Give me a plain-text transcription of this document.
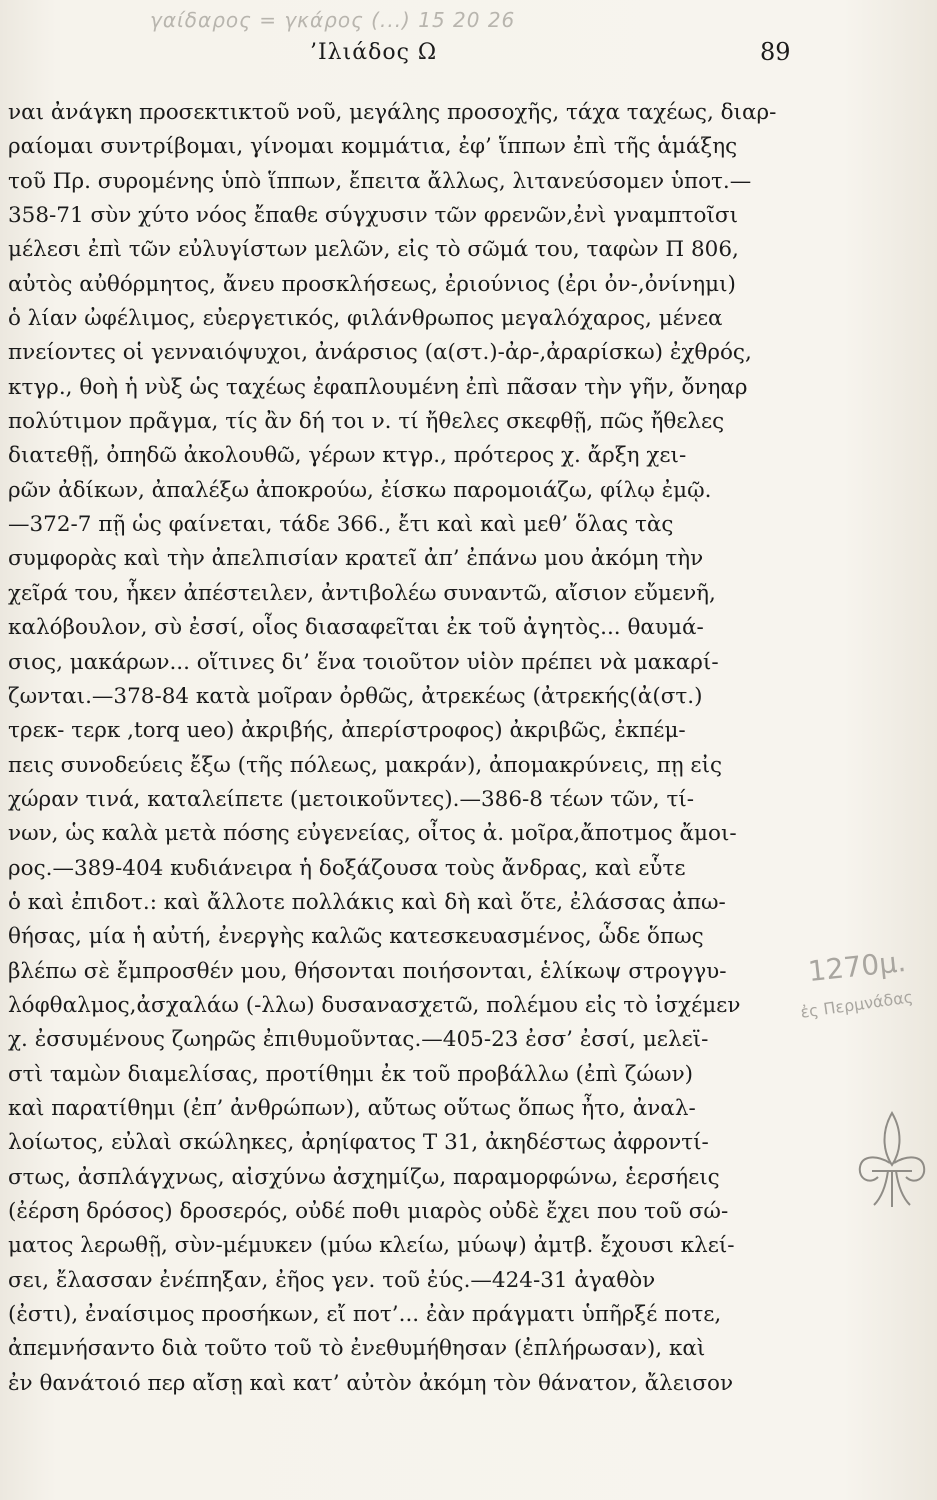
γαίδαρος = γκάρος (...) 15 20 26
’Ιλιάδος Ω	89
ναι ἀνάγκη προσεκτικτοῦ νοῦ, μεγάλης προσοχῆς, τάχα ταχέως, διαρ-
ραίομαι συντρίβομαι, γίνομαι κομμάτια, ἐφ’ ἵππων ἐπὶ τῆς ἁμάξης
τοῦ Πρ. συρομένης ὑπὸ ἵππων, ἔπειτα ἄλλως, λιτανεύσομεν ὑποτ.—
358-71 σὺν χύτο νόος ἔπαθε σύγχυσιν τῶν φρενῶν,ἐνὶ γναμπτοῖσι
μέλεσι ἐπὶ τῶν εὐλυγίστων μελῶν, εἰς τὸ σῶμά του, ταφὼν Π 806,
αὐτὸς αὐθόρμητος, ἄνευ προσκλήσεως, ἐριούνιος (ἐρι ὀν-,ὀνίνημι)
ὁ λίαν ὠφέλιμος, εὐεργετικός, φιλάνθρωπος μεγαλόχαρος, μένεα
πνείοντες οἱ γενναιόψυχοι, ἀνάρσιος (α(στ.)-ἀρ-,ἀραρίσκω) ἐχθρός,
κτγρ., θοὴ ἡ νὺξ ὡς ταχέως ἐφαπλουμένη ἐπὶ πᾶσαν τὴν γῆν, ὄνηαρ
πολύτιμον πρᾶγμα, τίς ἂν δή τοι ν. τί ἤθελες σκεφθῇ, πῶς ἤθελες
διατεθῇ, ὀπηδῶ ἀκολουθῶ, γέρων κτγρ., πρότερος χ. ἄρξη χει-
ρῶν ἀδίκων, ἀπαλέξω ἀποκρούω, ἐίσκω παρομοιάζω, φίλῳ ἐμῷ.
—372-7 πῇ ὡς φαίνεται, τάδε 366., ἔτι καὶ καὶ μεθ’ ὅλας τὰς
συμφορὰς καὶ τὴν ἀπελπισίαν κρατεῖ ἀπ’ ἐπάνω μου ἀκόμη τὴν
χεῖρά του, ἧκεν ἀπέστειλεν, ἀντιβολέω συναντῶ, αἴσιον εὔμενῆ,
καλόβουλον, σὺ ἐσσί, οἷος διασαφεῖται ἐκ τοῦ ἀγητὸς... θαυμά-
σιος, μακάρων... οἵτινες δι’ ἕνα τοιοῦτον υἱὸν πρέπει νὰ μακαρί-
ζωνται.—378-84 κατὰ μοῖραν ὀρθῶς, ἀτρεκέως (ἀτρεκής(ἀ(στ.)
τρεκ- τερκ ,torq ueo) ἀκριβής, ἀπερίστροφος) ἀκριβῶς, ἐκπέμ-
πεις συνοδεύεις ἔξω (τῆς πόλεως, μακράν), ἀπομακρύνεις, πῃ εἰς
χώραν τινά, καταλείπετε (μετοικοῦντες).—386-8 τέων τῶν, τί-
νων, ὡς καλὰ μετὰ πόσης εὐγενείας, οἶτος ἀ. μοῖρα,ἄποτμος ἄμοι-
ρος.—389-404 κυδιάνειρα ἡ δοξάζουσα τοὺς ἄνδρας, καὶ εὗτε
ὁ καὶ ἐπιδοτ.: καὶ ἄλλοτε πολλάκις καὶ δὴ καὶ ὅτε, ἐλάσσας ἀπω-
θήσας, μία ἡ αὐτή, ἐνεργὴς καλῶς κατεσκευασμένος, ὧδε ὅπως
βλέπω σὲ ἔμπροσθέν μου, θήσονται ποιήσονται, ἑλίκωψ στρογγυ-
λόφθαλμος,ἀσχαλάω (-λλω) δυσανασχετῶ, πολέμου εἰς τὸ ἰσχέμεν
χ. ἐσσυμένους ζωηρῶς ἐπιθυμοῦντας.—405-23 ἐσσ’ ἐσσί, μελεϊ-
στὶ ταμὼν διαμελίσας, προτίθημι ἐκ τοῦ προβάλλω (ἐπὶ ζώων)
καὶ παρατίθημι (ἐπ’ ἀνθρώπων), αὔτως οὕτως ὅπως ἦτο, ἀναλ-
λοίωτος, εὐλαὶ σκώληκες, ἀρηίφατος Τ 31, ἀκηδέστως ἀφροντί-
στως, ἀσπλάγχνως, αἰσχύνω ἀσχημίζω, παραμορφώνω, ἑερσήεις
(ἐέρση δρόσος) δροσερός, οὐδέ ποθι μιαρὸς οὐδὲ ἔχει που τοῦ σώ-
ματος λερωθῇ, σὺν-μέμυκεν (μύω κλείω, μύωψ) ἀμτβ. ἔχουσι κλεί-
σει, ἔλασσαν ἐνέπηξαν, ἐῆος γεν. τοῦ ἐύς.—424-31 ἀγαθὸν
(ἐστι), ἐναίσιμος προσήκων, εἴ ποτ’... ἐὰν πράγματι ὑπῆρξέ ποτε,
ἀπεμνήσαντο διὰ τοῦτο τοῦ τὸ ἐνεθυμήθησαν (ἐπλήρωσαν), καὶ
ἐν θανάτοιό περ αἴσῃ καὶ κατ’ αὐτὸν ἀκόμη τὸν θάνατον, ἄλεισον
1270μ.
ἐς Περμνάδας
